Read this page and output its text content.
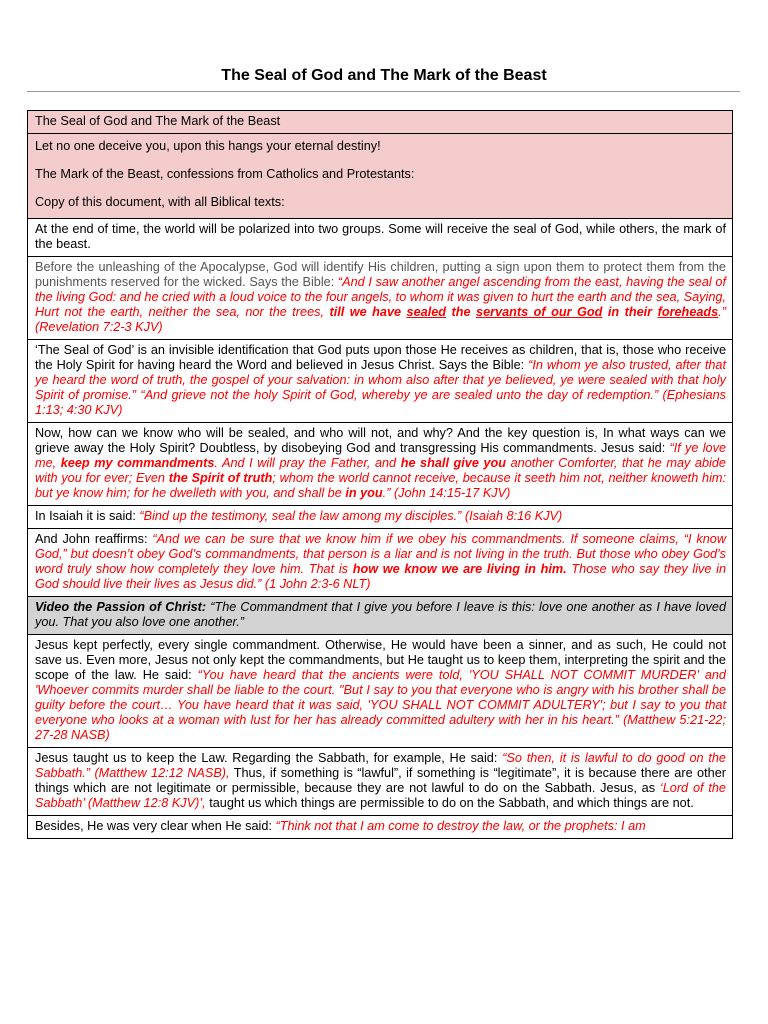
The Seal of God and The Mark of the Beast
The Seal of God and The Mark of the Beast
Let no one deceive you, upon this hangs your eternal destiny!
The Mark of the Beast, confessions from Catholics and Protestants:
Copy of this document, with all Biblical texts:
At the end of time, the world will be polarized into two groups. Some will receive the seal of God, while others, the mark of the beast.
Before the unleashing of the Apocalypse, God will identify His children, putting a sign upon them to protect them from the punishments reserved for the wicked. Says the Bible: “And I saw another angel ascending from the east, having the seal of the living God: and he cried with a loud voice to the four angels, to whom it was given to hurt the earth and the sea, Saying, Hurt not the earth, neither the sea, nor the trees, till we have sealed the servants of our God in their foreheads.” (Revelation 7:2-3 KJV)
‘The Seal of God’ is an invisible identification that God puts upon those He receives as children, that is, those who receive the Holy Spirit for having heard the Word and believed in Jesus Christ. Says the Bible: “In whom ye also trusted, after that ye heard the word of truth, the gospel of your salvation: in whom also after that ye believed, ye were sealed with that holy Spirit of promise.” “And grieve not the holy Spirit of God, whereby ye are sealed unto the day of redemption.” (Ephesians 1:13; 4:30 KJV)
Now, how can we know who will be sealed, and who will not, and why? And the key question is, In what ways can we grieve away the Holy Spirit? Doubtless, by disobeying God and transgressing His commandments. Jesus said: “If ye love me, keep my commandments. And I will pray the Father, and he shall give you another Comforter, that he may abide with you for ever; Even the Spirit of truth; whom the world cannot receive, because it seeth him not, neither knoweth him: but ye know him; for he dwelleth with you, and shall be in you.” (John 14:15-17 KJV)
In Isaiah it is said: “Bind up the testimony, seal the law among my disciples.” (Isaiah 8:16 KJV)
And John reaffirms: “And we can be sure that we know him if we obey his commandments. If someone claims, “I know God,” but doesn’t obey God’s commandments, that person is a liar and is not living in the truth. But those who obey God’s word truly show how completely they love him. That is how we know we are living in him. Those who say they live in God should live their lives as Jesus did.” (1 John 2:3-6 NLT)
Video the Passion of Christ: “The Commandment that I give you before I leave is this: love one another as I have loved you. That you also love one another.”
Jesus kept perfectly, every single commandment. Otherwise, He would have been a sinner, and as such, He could not save us. Even more, Jesus not only kept the commandments, but He taught us to keep them, interpreting the spirit and the scope of the law. He said: “You have heard that the ancients were told, 'YOU SHALL NOT COMMIT MURDER' and 'Whoever commits murder shall be liable to the court. "But I say to you that everyone who is angry with his brother shall be guilty before the court… You have heard that it was said, 'YOU SHALL NOT COMMIT ADULTERY'; but I say to you that everyone who looks at a woman with lust for her has already committed adultery with her in his heart.” (Matthew 5:21-22; 27-28 NASB)
Jesus taught us to keep the Law. Regarding the Sabbath, for example, He said: “So then, it is lawful to do good on the Sabbath.” (Matthew 12:12 NASB), Thus, if something is “lawful”, if something is “legitimate”, it is because there are other things which are not legitimate or permissible, because they are not lawful to do on the Sabbath. Jesus, as ‘Lord of the Sabbath’ (Matthew 12:8 KJV)’, taught us which things are permissible to do on the Sabbath, and which things are not.
Besides, He was very clear when He said: “Think not that I am come to destroy the law, or the prophets: I am
